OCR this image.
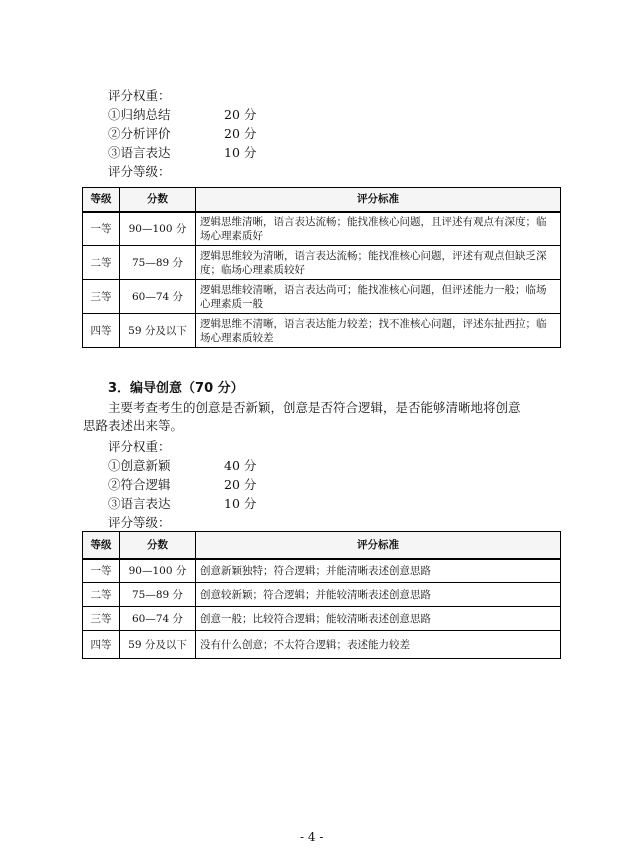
评分权重：
①归纳总结	20 分
②分析评价	20 分
③语言表达	10 分
评分等级：
等级	分数	评分标准
一等	90—100 分	逻辑思维清晰，语言表达流畅；能找准核心问题，且评述有观点有深度；临场心理素质好
二等	75—89 分	逻辑思维较为清晰，语言表达流畅；能找准核心问题，评述有观点但缺乏深度；临场心理素质较好
三等	60—74 分	逻辑思维较清晰，语言表达尚可；能找准核心问题，但评述能力一般；临场心理素质一般
四等	59 分及以下	逻辑思维不清晰，语言表达能力较差；找不准核心问题，评述东扯西拉；临场心理素质较差
3．编导创意（70 分）
主要考查考生的创意是否新颖，创意是否符合逻辑，是否能够清晰地将创意思路表述出来等。
评分权重：
①创意新颖	40 分
②符合逻辑	20 分
③语言表达	10 分
评分等级：
等级	分数	评分标准
一等	90—100 分	创意新颖独特；符合逻辑；并能清晰表述创意思路
二等	75—89 分	创意较新颖；符合逻辑；并能较清晰表述创意思路
三等	60—74 分	创意一般；比较符合逻辑；能较清晰表述创意思路
四等	59 分及以下	没有什么创意；不太符合逻辑；表述能力较差
- 4 -
